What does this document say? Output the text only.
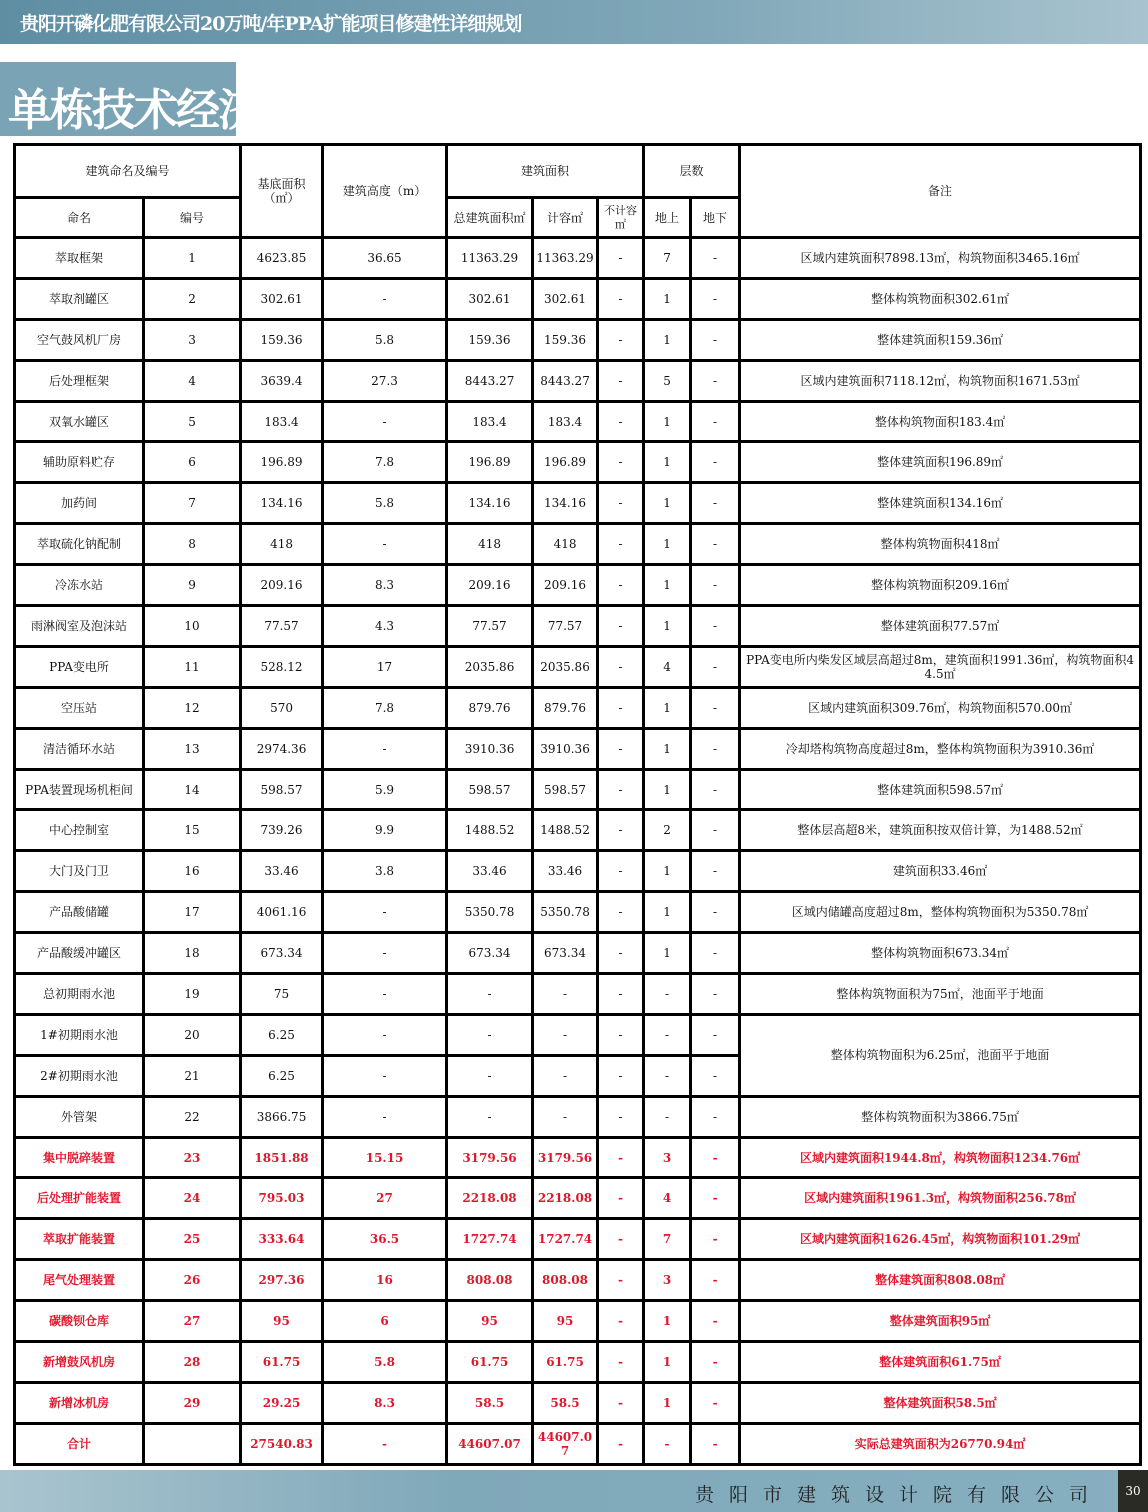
贵阳开磷化肥有限公司20万吨/年PPA扩能项目修建性详细规划
单栋技术经济指标
建筑命名及编号		基底面积（㎡）	建筑高度（m）	建筑面积			层数		备注
命名	编号			总建筑面积㎡	计容㎡	不计容㎡	地上	地下	
萃取框架	1	4623.85	36.65	11363.29	11363.29	-	7	-	区域内建筑面积7898.13㎡，构筑物面积3465.16㎡
萃取剂罐区	2	302.61	-	302.61	302.61	-	1	-	整体构筑物面积302.61㎡
空气鼓风机厂房	3	159.36	5.8	159.36	159.36	-	1	-	整体建筑面积159.36㎡
后处理框架	4	3639.4	27.3	8443.27	8443.27	-	5	-	区域内建筑面积7118.12㎡，构筑物面积1671.53㎡
双氧水罐区	5	183.4	-	183.4	183.4	-	1	-	整体构筑物面积183.4㎡
辅助原料贮存	6	196.89	7.8	196.89	196.89	-	1	-	整体建筑面积196.89㎡
加药间	7	134.16	5.8	134.16	134.16	-	1	-	整体建筑面积134.16㎡
萃取硫化钠配制	8	418	-	418	418	-	1	-	整体构筑物面积418㎡
冷冻水站	9	209.16	8.3	209.16	209.16	-	1	-	整体构筑物面积209.16㎡
雨淋阀室及泡沫站	10	77.57	4.3	77.57	77.57	-	1	-	整体建筑面积77.57㎡
PPA变电所	11	528.12	17	2035.86	2035.86	-	4	-	PPA变电所内柴发区域层高超过8m，建筑面积1991.36㎡，构筑物面积44.5㎡
空压站	12	570	7.8	879.76	879.76	-	1	-	区域内建筑面积309.76㎡，构筑物面积570.00㎡
清洁循环水站	13	2974.36	-	3910.36	3910.36	-	1	-	冷却塔构筑物高度超过8m，整体构筑物面积为3910.36㎡
PPA装置现场机柜间	14	598.57	5.9	598.57	598.57	-	1	-	整体建筑面积598.57㎡
中心控制室	15	739.26	9.9	1488.52	1488.52	-	2	-	整体层高超8米，建筑面积按双倍计算，为1488.52㎡
大门及门卫	16	33.46	3.8	33.46	33.46	-	1	-	建筑面积33.46㎡
产品酸储罐	17	4061.16	-	5350.78	5350.78	-	1	-	区域内储罐高度超过8m，整体构筑物面积为5350.78㎡
产品酸缓冲罐区	18	673.34	-	673.34	673.34	-	1	-	整体构筑物面积673.34㎡
总初期雨水池	19	75	-	-	-	-	-	-	整体构筑物面积为75㎡，池面平于地面
1#初期雨水池	20	6.25	-	-	-	-	-	-	整体构筑物面积为6.25㎡，池面平于地面
2#初期雨水池	21	6.25	-	-	-	-	-	-	
外管架	22	3866.75	-	-	-	-	-	-	整体构筑物面积为3866.75㎡
集中脱碎装置	23	1851.88	15.15	3179.56	3179.56	-	3	-	区域内建筑面积1944.8㎡，构筑物面积1234.76㎡
后处理扩能装置	24	795.03	27	2218.08	2218.08	-	4	-	区域内建筑面积1961.3㎡，构筑物面积256.78㎡
萃取扩能装置	25	333.64	36.5	1727.74	1727.74	-	7	-	区域内建筑面积1626.45㎡，构筑物面积101.29㎡
尾气处理装置	26	297.36	16	808.08	808.08	-	3	-	整体建筑面积808.08㎡
碳酸钡仓库	27	95	6	95	95	-	1	-	整体建筑面积95㎡
新增鼓风机房	28	61.75	5.8	61.75	61.75	-	1	-	整体建筑面积61.75㎡
新增冰机房	29	29.25	8.3	58.5	58.5	-	1	-	整体建筑面积58.5㎡
合计		27540.83	-	44607.07	44607.07	-	-	-	实际总建筑面积为26770.94㎡
贵阳市建筑设计院有限公司	30
